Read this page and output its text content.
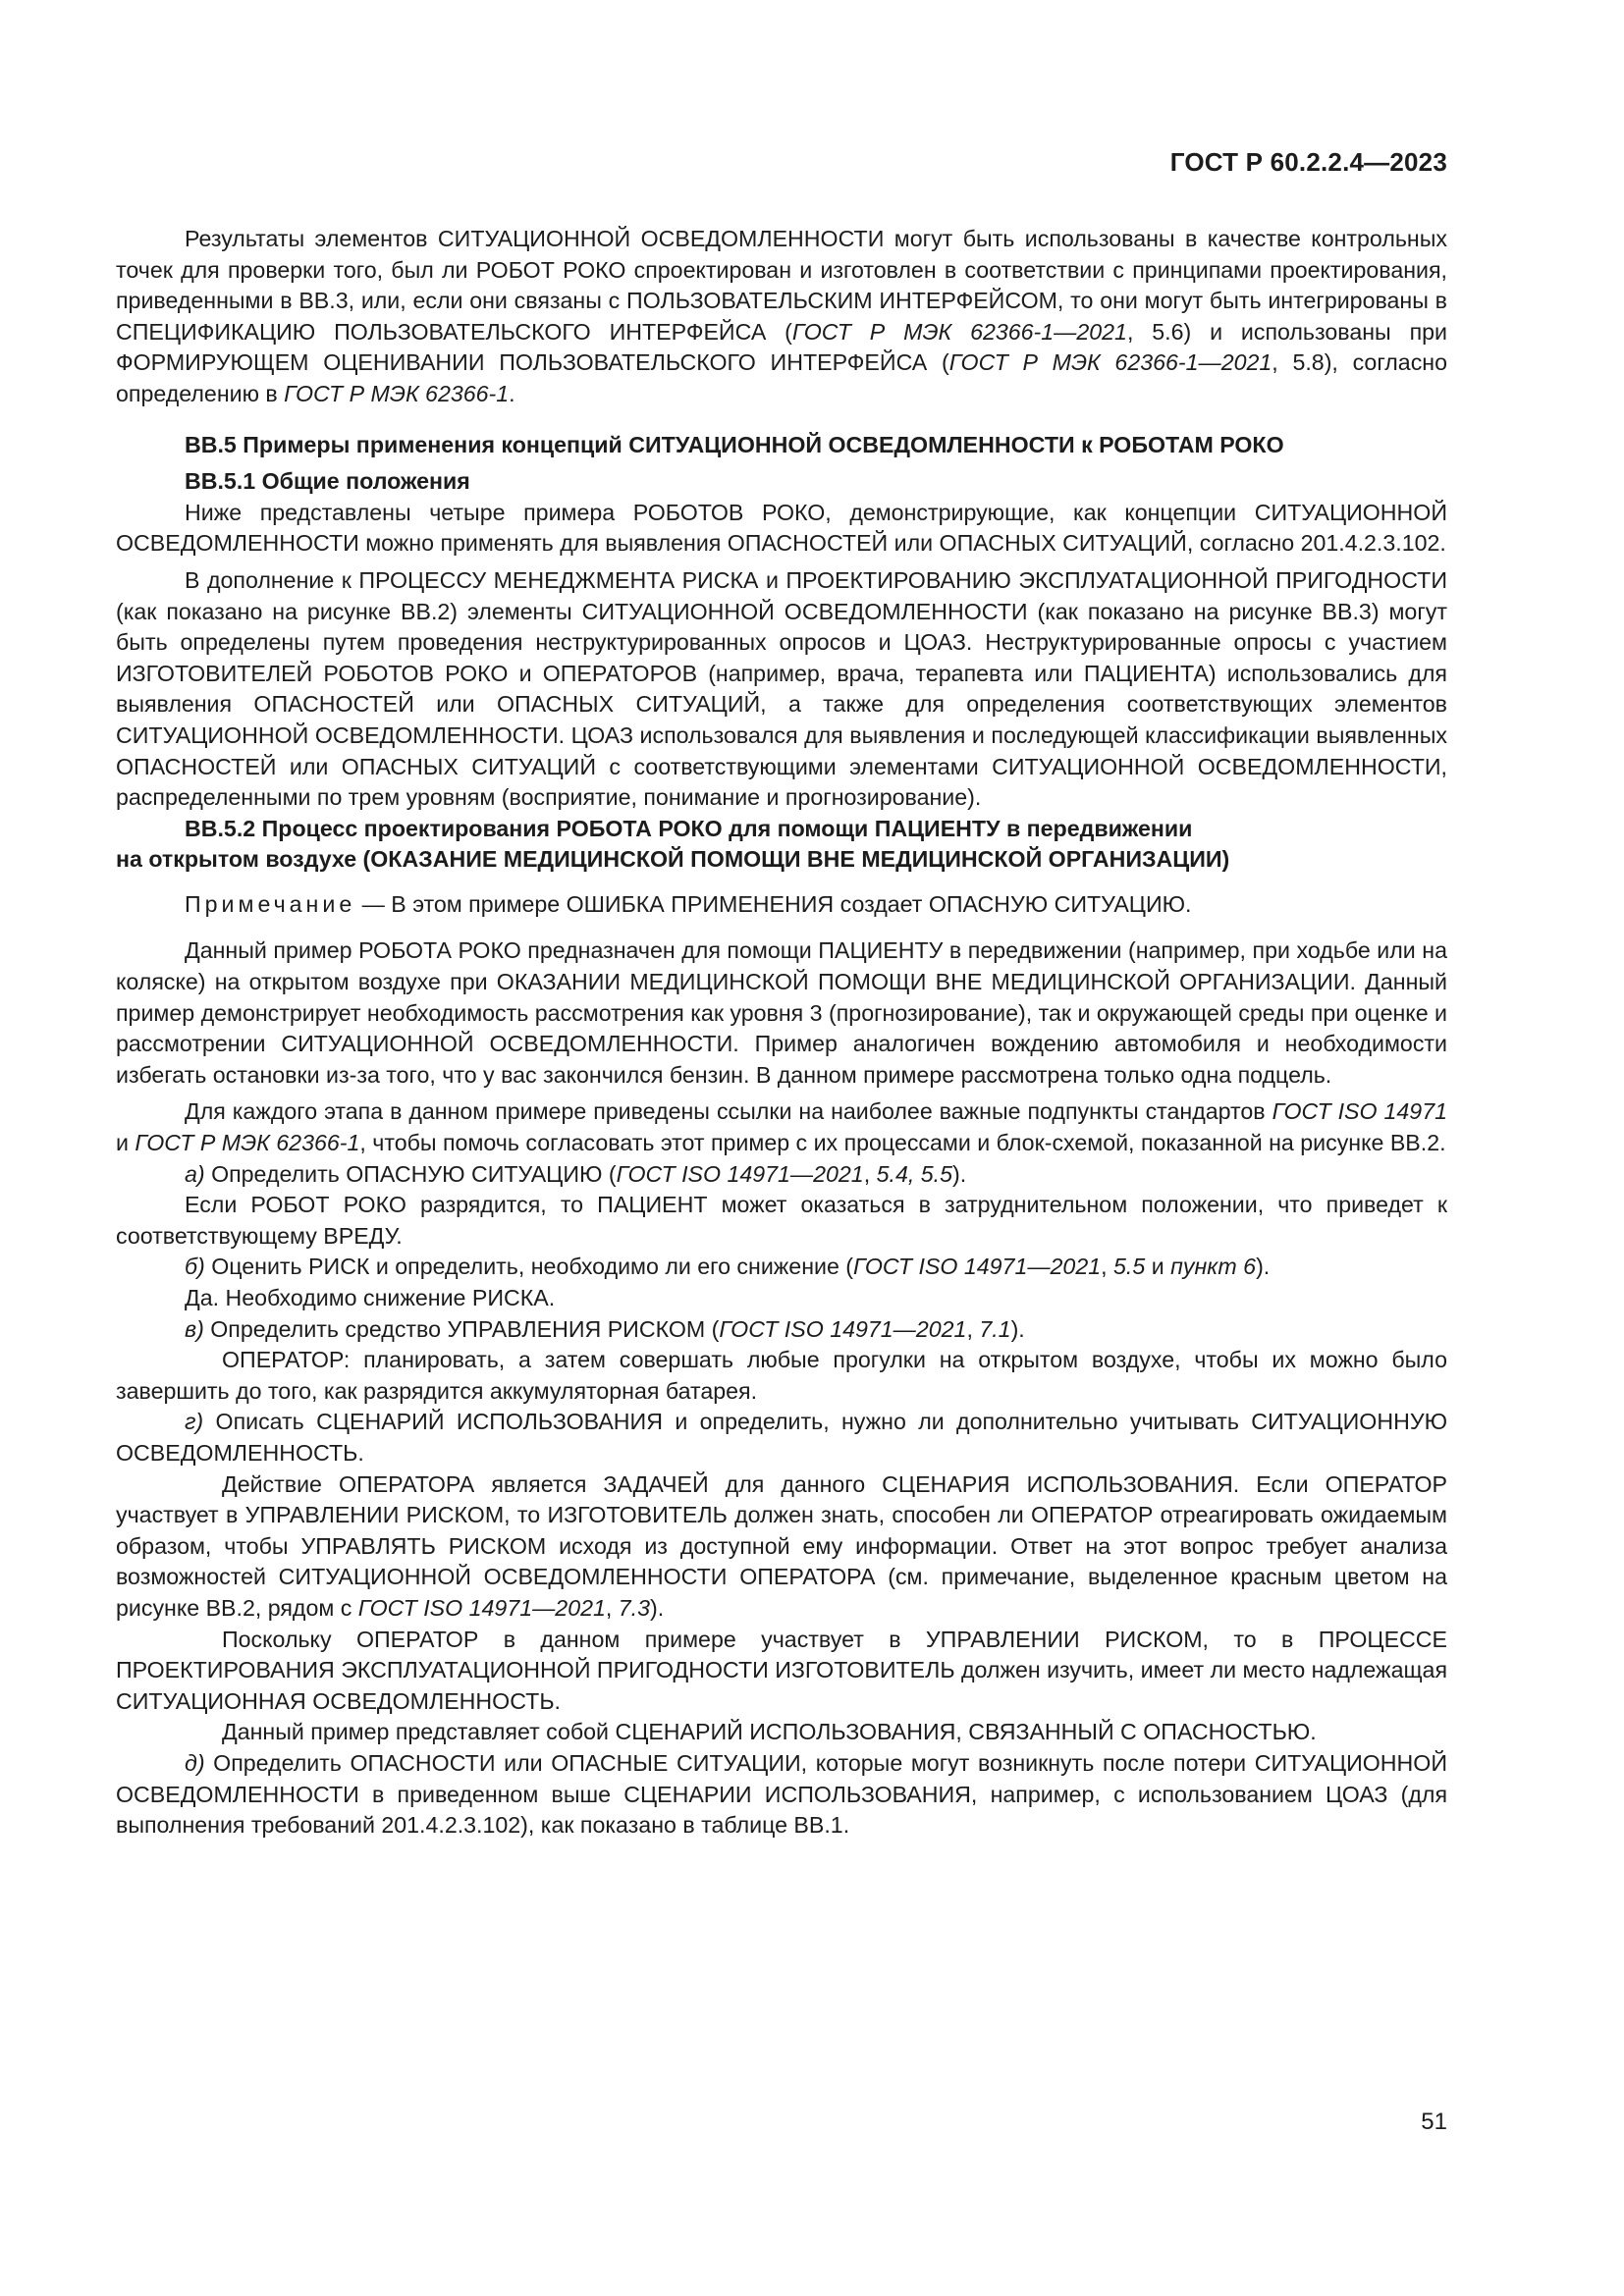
ГОСТ Р 60.2.2.4—2023

Результаты элементов СИТУАЦИОННОЙ ОСВЕДОМЛЕННОСТИ могут быть использованы в качестве контрольных точек для проверки того, был ли РОБОТ РОКО спроектирован и изготовлен в соответствии с принципами проектирования, приведенными в ВВ.3, или, если они связаны с ПОЛЬЗОВАТЕЛЬСКИМ ИНТЕРФЕЙСОМ, то они могут быть интегрированы в СПЕЦИФИКАЦИЮ ПОЛЬЗОВАТЕЛЬСКОГО ИНТЕРФЕЙСА (ГОСТ Р МЭК 62366-1—2021, 5.6) и использованы при ФОРМИРУЮЩЕМ ОЦЕНИВАНИИ ПОЛЬЗОВАТЕЛЬСКОГО ИНТЕРФЕЙСА (ГОСТ Р МЭК 62366-1—2021, 5.8), согласно определению в ГОСТ Р МЭК 62366-1.

ВВ.5 Примеры применения концепций СИТУАЦИОННОЙ ОСВЕДОМЛЕННОСТИ к РОБОТАМ РОКО

ВВ.5.1 Общие положения

Ниже представлены четыре примера РОБОТОВ РОКО, демонстрирующие, как концепции СИТУАЦИОННОЙ ОСВЕДОМЛЕННОСТИ можно применять для выявления ОПАСНОСТЕЙ или ОПАСНЫХ СИТУАЦИЙ, согласно 201.4.2.3.102.

В дополнение к ПРОЦЕССУ МЕНЕДЖМЕНТА РИСКА и ПРОЕКТИРОВАНИЮ ЭКСПЛУАТАЦИОННОЙ ПРИГОДНОСТИ (как показано на рисунке ВВ.2) элементы СИТУАЦИОННОЙ ОСВЕДОМЛЕННОСТИ (как показано на рисунке ВВ.3) могут быть определены путем проведения неструктурированных опросов и ЦОАЗ. Неструктурированные опросы с участием ИЗГОТОВИТЕЛЕЙ РОБОТОВ РОКО и ОПЕРАТОРОВ (например, врача, терапевта или ПАЦИЕНТА) использовались для выявления ОПАСНОСТЕЙ или ОПАСНЫХ СИТУАЦИЙ, а также для определения соответствующих элементов СИТУАЦИОННОЙ ОСВЕДОМЛЕННОСТИ. ЦОАЗ использовался для выявления и последующей классификации выявленных ОПАСНОСТЕЙ или ОПАСНЫХ СИТУАЦИЙ с соответствующими элементами СИТУАЦИОННОЙ ОСВЕДОМЛЕННОСТИ, распределенными по трем уровням (восприятие, понимание и прогнозирование).

ВВ.5.2 Процесс проектирования РОБОТА РОКО для помощи ПАЦИЕНТУ в передвижении
на открытом воздухе (ОКАЗАНИЕ МЕДИЦИНСКОЙ ПОМОЩИ ВНЕ МЕДИЦИНСКОЙ ОРГАНИЗАЦИИ)

Примечание — В этом примере ОШИБКА ПРИМЕНЕНИЯ создает ОПАСНУЮ СИТУАЦИЮ.

Данный пример РОБОТА РОКО предназначен для помощи ПАЦИЕНТУ в передвижении (например, при ходьбе или на коляске) на открытом воздухе при ОКАЗАНИИ МЕДИЦИНСКОЙ ПОМОЩИ ВНЕ МЕДИЦИНСКОЙ ОРГАНИЗАЦИИ. Данный пример демонстрирует необходимость рассмотрения как уровня 3 (прогнозирование), так и окружающей среды при оценке и рассмотрении СИТУАЦИОННОЙ ОСВЕДОМЛЕННОСТИ. Пример аналогичен вождению автомобиля и необходимости избегать остановки из-за того, что у вас закончился бензин. В данном примере рассмотрена только одна подцель.

Для каждого этапа в данном примере приведены ссылки на наиболее важные подпункты стандартов ГОСТ ISO 14971 и ГОСТ Р МЭК 62366-1, чтобы помочь согласовать этот пример с их процессами и блок-схемой, показанной на рисунке ВВ.2.

а) Определить ОПАСНУЮ СИТУАЦИЮ (ГОСТ ISO 14971—2021, 5.4, 5.5).

Если РОБОТ РОКО разрядится, то ПАЦИЕНТ может оказаться в затруднительном положении, что приведет к соответствующему ВРЕДУ.

б) Оценить РИСК и определить, необходимо ли его снижение (ГОСТ ISO 14971—2021, 5.5 и пункт 6).

Да. Необходимо снижение РИСКА.

в) Определить средство УПРАВЛЕНИЯ РИСКОМ (ГОСТ ISO 14971—2021, 7.1).

ОПЕРАТОР: планировать, а затем совершать любые прогулки на открытом воздухе, чтобы их можно было завершить до того, как разрядится аккумуляторная батарея.

г) Описать СЦЕНАРИЙ ИСПОЛЬЗОВАНИЯ и определить, нужно ли дополнительно учитывать СИТУАЦИОННУЮ ОСВЕДОМЛЕННОСТЬ.

Действие ОПЕРАТОРА является ЗАДАЧЕЙ для данного СЦЕНАРИЯ ИСПОЛЬЗОВАНИЯ. Если ОПЕРАТОР участвует в УПРАВЛЕНИИ РИСКОМ, то ИЗГОТОВИТЕЛЬ должен знать, способен ли ОПЕРАТОР отреагировать ожидаемым образом, чтобы УПРАВЛЯТЬ РИСКОМ исходя из доступной ему информации. Ответ на этот вопрос требует анализа возможностей СИТУАЦИОННОЙ ОСВЕДОМЛЕННОСТИ ОПЕРАТОРА (см. примечание, выделенное красным цветом на рисунке ВВ.2, рядом с ГОСТ ISO 14971—2021, 7.3).

Поскольку ОПЕРАТОР в данном примере участвует в УПРАВЛЕНИИ РИСКОМ, то в ПРОЦЕССЕ ПРОЕКТИРОВАНИЯ ЭКСПЛУАТАЦИОННОЙ ПРИГОДНОСТИ ИЗГОТОВИТЕЛЬ должен изучить, имеет ли место надлежащая СИТУАЦИОННАЯ ОСВЕДОМЛЕННОСТЬ.

Данный пример представляет собой СЦЕНАРИЙ ИСПОЛЬЗОВАНИЯ, СВЯЗАННЫЙ С ОПАСНОСТЬЮ.

д) Определить ОПАСНОСТИ или ОПАСНЫЕ СИТУАЦИИ, которые могут возникнуть после потери СИТУАЦИОННОЙ ОСВЕДОМЛЕННОСТИ в приведенном выше СЦЕНАРИИ ИСПОЛЬЗОВАНИЯ, например, с использованием ЦОАЗ (для выполнения требований 201.4.2.3.102), как показано в таблице ВВ.1.

51
